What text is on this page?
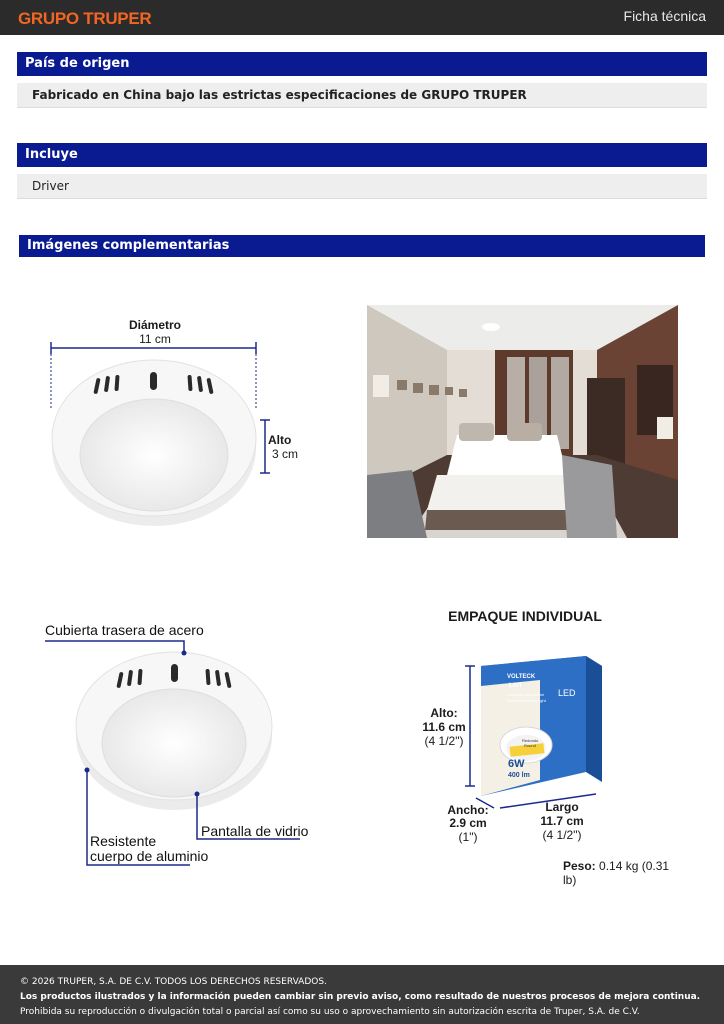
GRUPO TRUPER	Ficha técnica
País de origen
Fabricado en China bajo las estrictas especificaciones de GRUPO TRUPER
Incluye
Driver
Imágenes complementarias
Diámetro
11 cm
Alto
3 cm
Cubierta trasera de acero
Pantalla de vidrio
Resistente
cuerpo de aluminio
EMPAQUE INDIVIDUAL
VOLTECK
LAIT
Luminario tipo plafón
Recessed ceiling light
LED
Redondo
Round
6W
400 lm
Alto:
11.6 cm
(4 1/2")
Ancho:
2.9 cm
(1")
Largo
11.7 cm
(4 1/2")
Peso: 0.14 kg (0.31 lb)
© 2026 TRUPER, S.A. DE C.V. TODOS LOS DERECHOS RESERVADOS.
Los productos ilustrados y la información pueden cambiar sin previo aviso, como resultado de nuestros procesos de mejora continua.
Prohibida su reproducción o divulgación total o parcial así como su uso o aprovechamiento sin autorización escrita de Truper, S.A. de C.V.
